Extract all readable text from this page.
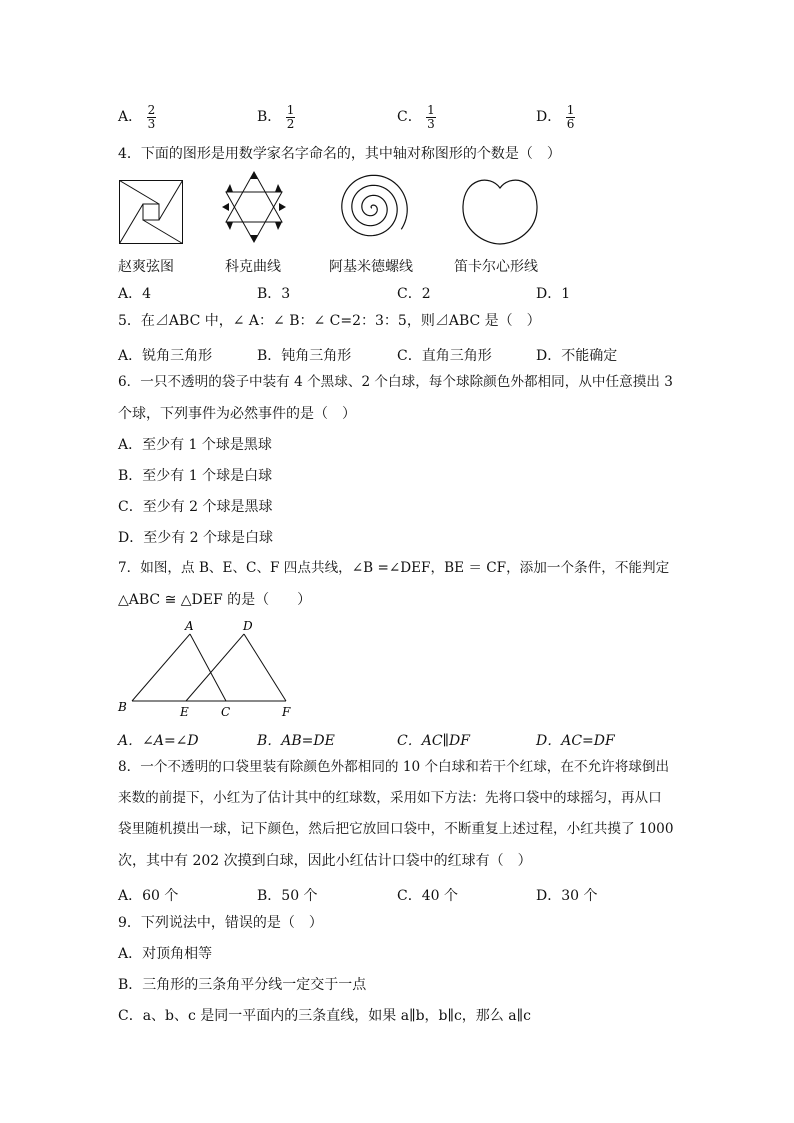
A． $\frac{2}{3}$	B． $\frac{1}{2}$	C． $\frac{1}{3}$	D． $\frac{1}{6}$
4．下面的图形是用数学家名字命名的，其中轴对称图形的个数是（　）
赵爽弦图	科克曲线	阿基米德螺线	笛卡尔心形线
A．4	B．3	C．2	D．1
5．在⊿ABC 中，∠ A：∠ B：∠ C=2：3：5，则⊿ABC 是（　）
A．锐角三角形	B．钝角三角形	C．直角三角形	D．不能确定
6．一只不透明的袋子中装有 4 个黑球、2 个白球，每个球除颜色外都相同，从中任意摸出 3
个球，下列事件为必然事件的是（　）
A．至少有 1 个球是黑球
B．至少有 1 个球是白球
C．至少有 2 个球是黑球
D．至少有 2 个球是白球
7．如图，点 B、E、C、F 四点共线，∠B =∠DEF，BE ＝ CF，添加一个条件，不能判定
△ABC ≅ △DEF 的是（　　）
A	D
B	E	C	F
A．∠A=∠D	B．AB=DE	C．AC∥DF	D．AC=DF
8．一个不透明的口袋里装有除颜色外都相同的 10 个白球和若干个红球，在不允许将球倒出
来数的前提下，小红为了估计其中的红球数，采用如下方法：先将口袋中的球摇匀，再从口
袋里随机摸出一球，记下颜色，然后把它放回口袋中，不断重复上述过程，小红共摸了 1000
次，其中有 202 次摸到白球，因此小红估计口袋中的红球有（　）
A．60 个	B．50 个	C．40 个	D．30 个
9．下列说法中，错误的是（　）
A．对顶角相等
B．三角形的三条角平分线一定交于一点
C．a、b、c 是同一平面内的三条直线，如果 a∥b，b∥c，那么 a∥c
